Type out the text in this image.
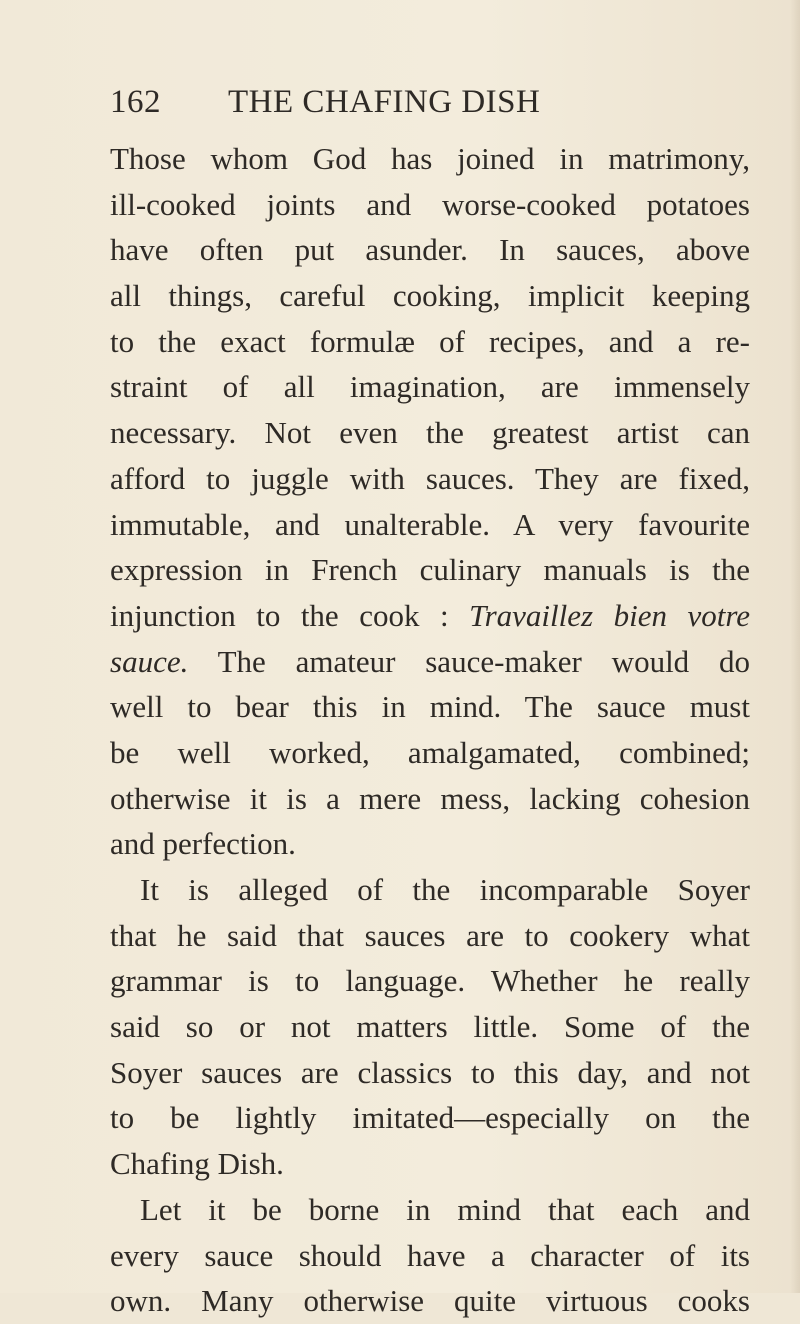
162 THE CHAFING DISH
Those whom God has joined in matrimony,
ill-cooked joints and worse-cooked potatoes
have often put asunder. In sauces, above
all things, careful cooking, implicit keeping
to the exact formulæ of recipes, and a re-
straint of all imagination, are immensely
necessary. Not even the greatest artist can
afford to juggle with sauces. They are fixed,
immutable, and unalterable. A very favourite
expression in French culinary manuals is the
injunction to the cook : Travaillez bien votre
sauce. The amateur sauce-maker would do
well to bear this in mind. The sauce must
be well worked, amalgamated, combined;
otherwise it is a mere mess, lacking cohesion
and perfection.
It is alleged of the incomparable Soyer
that he said that sauces are to cookery what
grammar is to language. Whether he really
said so or not matters little. Some of the
Soyer sauces are classics to this day, and not
to be lightly imitated—especially on the
Chafing Dish.
Let it be borne in mind that each and
every sauce should have a character of its
own. Many otherwise quite virtuous cooks
